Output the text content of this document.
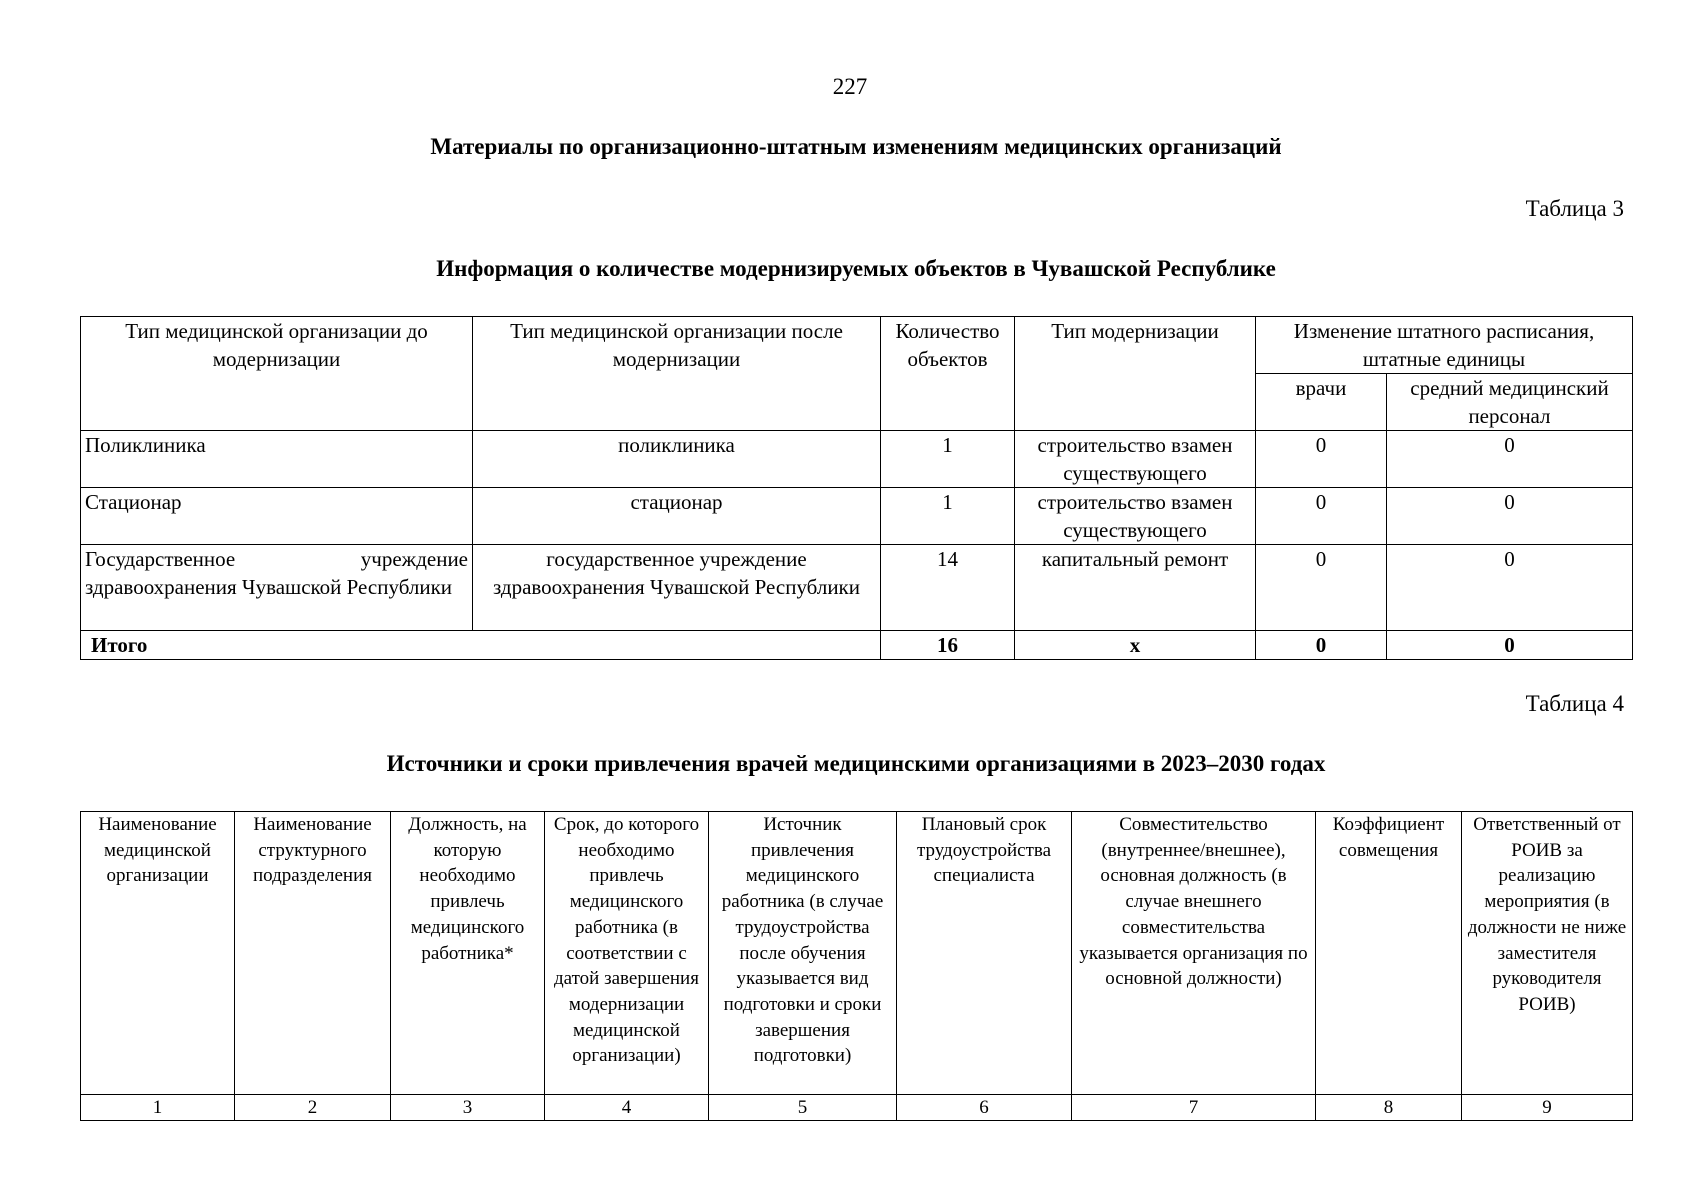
227
Материалы по организационно-штатным изменениям медицинских организаций
Таблица 3
Информация о количестве модернизируемых объектов в Чувашской Республике
Тип медицинской организации до модернизации	Тип медицинской организации после модернизации	Количество объектов	Тип модернизации	Изменение штатного расписания, штатные единицы	
				врачи	средний медицинский персонал
Поликлиника	поликлиника	1	строительство взамен существующего	0	0
Стационар	стационар	1	строительство взамен существующего	0	0
Государственное учреждение здравоохранения Чувашской Республики	государственное учреждение здравоохранения Чувашской Республики	14	капитальный ремонт	0	0
Итого		16	x	0	0
Таблица 4
Источники и сроки привлечения врачей медицинскими организациями в 2023–2030 годах
Наименование медицинской организации	Наименование структурного подразделения	Должность, на которую необходимо привлечь медицинского работника*	Срок, до которого необходимо привлечь медицинского работника (в соответствии с датой завершения модернизации медицинской организации)	Источник привлечения медицинского работника (в случае трудоустройства после обучения указывается вид подготовки и сроки завершения подготовки)	Плановый срок трудоустройства специалиста	Совместительство (внутреннее/внешнее), основная должность (в случае внешнего совместительства указывается организация по основной должности)	Коэффициент совмещения	Ответственный от РОИВ за реализацию мероприятия (в должности не ниже заместителя руководителя РОИВ)
1	2	3	4	5	6	7	8	9
